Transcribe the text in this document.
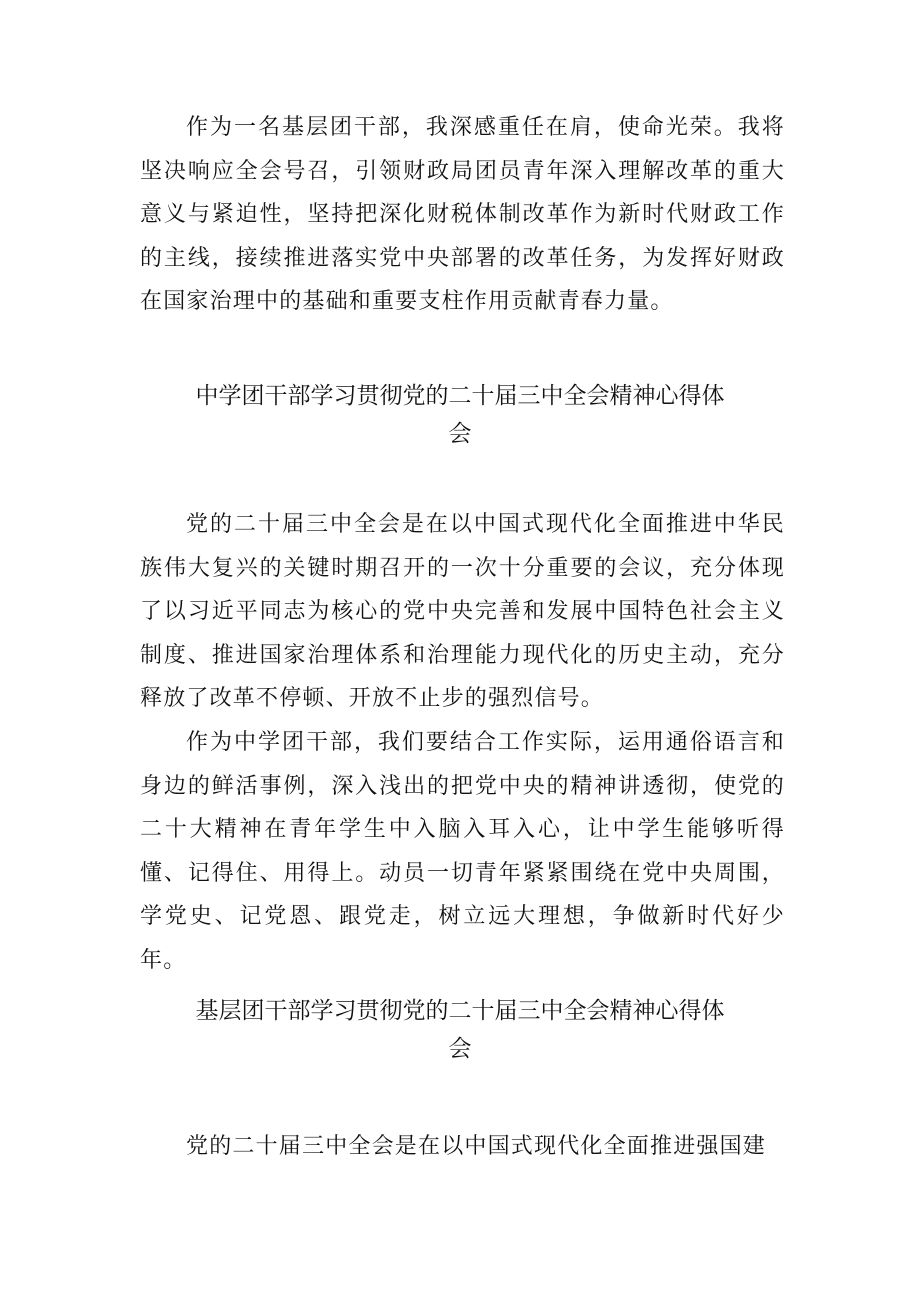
作为一名基层团干部，我深感重任在肩，使命光荣。我将坚决响应全会号召，引领财政局团员青年深入理解改革的重大意义与紧迫性，坚持把深化财税体制改革作为新时代财政工作的主线，接续推进落实党中央部署的改革任务，为发挥好财政在国家治理中的基础和重要支柱作用贡献青春力量。

中学团干部学习贯彻党的二十届三中全会精神心得体
会

党的二十届三中全会是在以中国式现代化全面推进中华民族伟大复兴的关键时期召开的一次十分重要的会议，充分体现了以习近平同志为核心的党中央完善和发展中国特色社会主义制度、推进国家治理体系和治理能力现代化的历史主动，充分释放了改革不停顿、开放不止步的强烈信号。

作为中学团干部，我们要结合工作实际，运用通俗语言和身边的鲜活事例，深入浅出的把党中央的精神讲透彻，使党的二十大精神在青年学生中入脑入耳入心，让中学生能够听得懂、记得住、用得上。动员一切青年紧紧围绕在党中央周围，学党史、记党恩、跟党走，树立远大理想，争做新时代好少年。

基层团干部学习贯彻党的二十届三中全会精神心得体
会

党的二十届三中全会是在以中国式现代化全面推进强国建
